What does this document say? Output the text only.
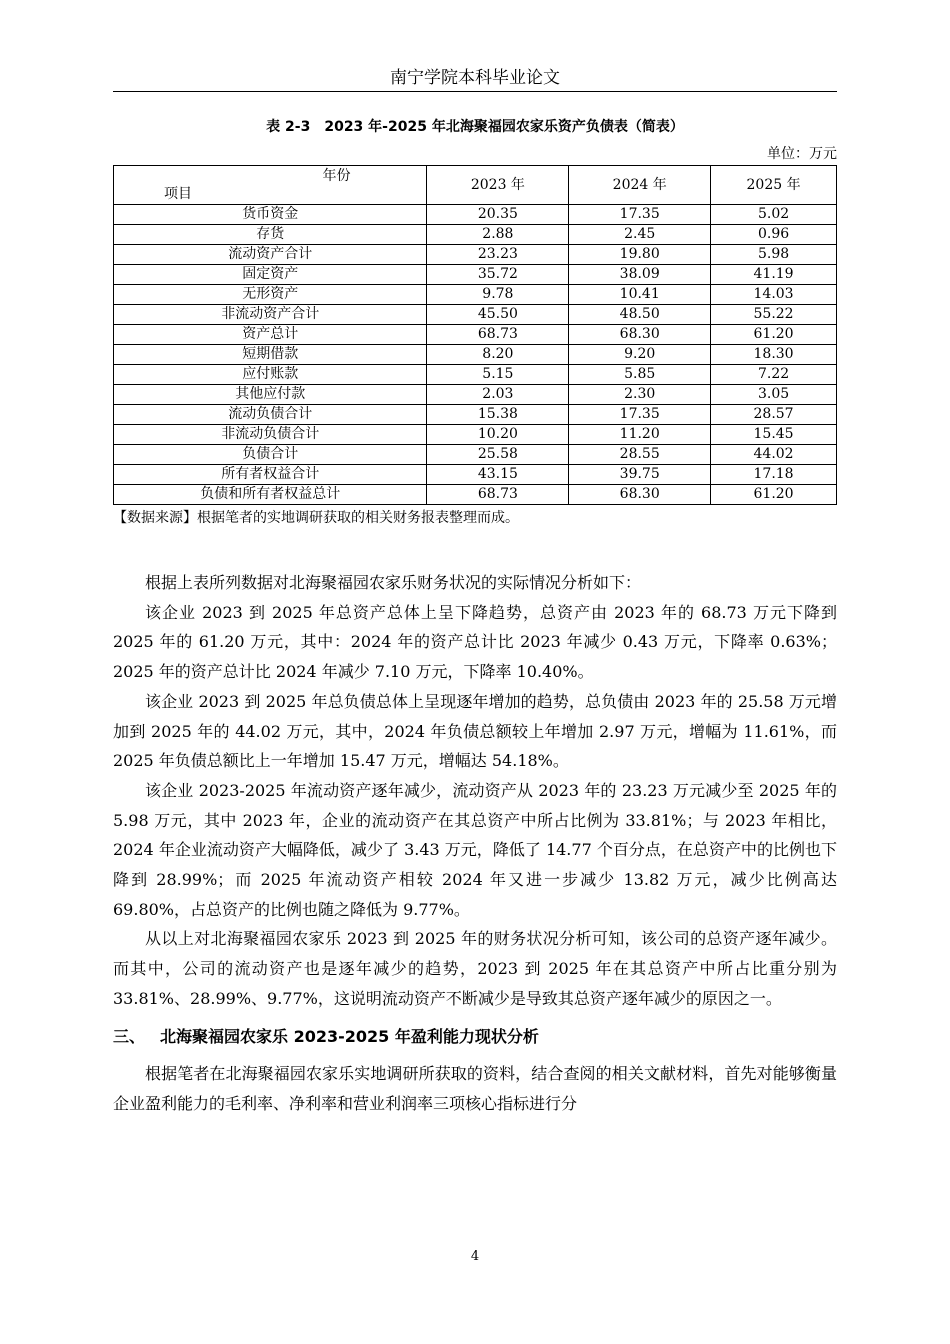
南宁学院本科毕业论文
表 2-3　2023 年-2025 年北海聚福园农家乐资产负债表（简表）
单位：万元
年份
项目	2023 年	2024 年	2025 年
货币资金	20.35	17.35	5.02
存货	2.88	2.45	0.96
流动资产合计	23.23	19.80	5.98
固定资产	35.72	38.09	41.19
无形资产	9.78	10.41	14.03
非流动资产合计	45.50	48.50	55.22
资产总计	68.73	68.30	61.20
短期借款	8.20	9.20	18.30
应付账款	5.15	5.85	7.22
其他应付款	2.03	2.30	3.05
流动负债合计	15.38	17.35	28.57
非流动负债合计	10.20	11.20	15.45
负债合计	25.58	28.55	44.02
所有者权益合计	43.15	39.75	17.18
负债和所有者权益总计	68.73	68.30	61.20
【数据来源】根据笔者的实地调研获取的相关财务报表整理而成。

根据上表所列数据对北海聚福园农家乐财务状况的实际情况分析如下：

该企业 2023 到 2025 年总资产总体上呈下降趋势，总资产由 2023 年的 68.73 万元下降到 2025 年的 61.20 万元，其中：2024 年的资产总计比 2023 年减少 0.43 万元，下降率 0.63%；2025 年的资产总计比 2024 年减少 7.10 万元，下降率 10.40%。

该企业 2023 到 2025 年总负债总体上呈现逐年增加的趋势，总负债由 2023 年的 25.58 万元增加到 2025 年的 44.02 万元，其中，2024 年负债总额较上年增加 2.97 万元，增幅为 11.61%，而 2025 年负债总额比上一年增加 15.47 万元，增幅达 54.18%。

该企业 2023-2025 年流动资产逐年减少，流动资产从 2023 年的 23.23 万元减少至 2025 年的 5.98 万元，其中 2023 年，企业的流动资产在其总资产中所占比例为 33.81%；与 2023 年相比，2024 年企业流动资产大幅降低，减少了 3.43 万元，降低了 14.77 个百分点，在总资产中的比例也下降到 28.99%；而 2025 年流动资产相较 2024 年又进一步减少 13.82 万元，减少比例高达 69.80%，占总资产的比例也随之降低为 9.77%。

从以上对北海聚福园农家乐 2023 到 2025 年的财务状况分析可知，该公司的总资产逐年减少。而其中，公司的流动资产也是逐年减少的趋势，2023 到 2025 年在其总资产中所占比重分别为 33.81%、28.99%、9.77%，这说明流动资产不断减少是导致其总资产逐年减少的原因之一。

三、 北海聚福园农家乐 2023-2025 年盈利能力现状分析

根据笔者在北海聚福园农家乐实地调研所获取的资料，结合查阅的相关文献材料，首先对能够衡量企业盈利能力的毛利率、净利率和营业利润率三项核心指标进行分

4
